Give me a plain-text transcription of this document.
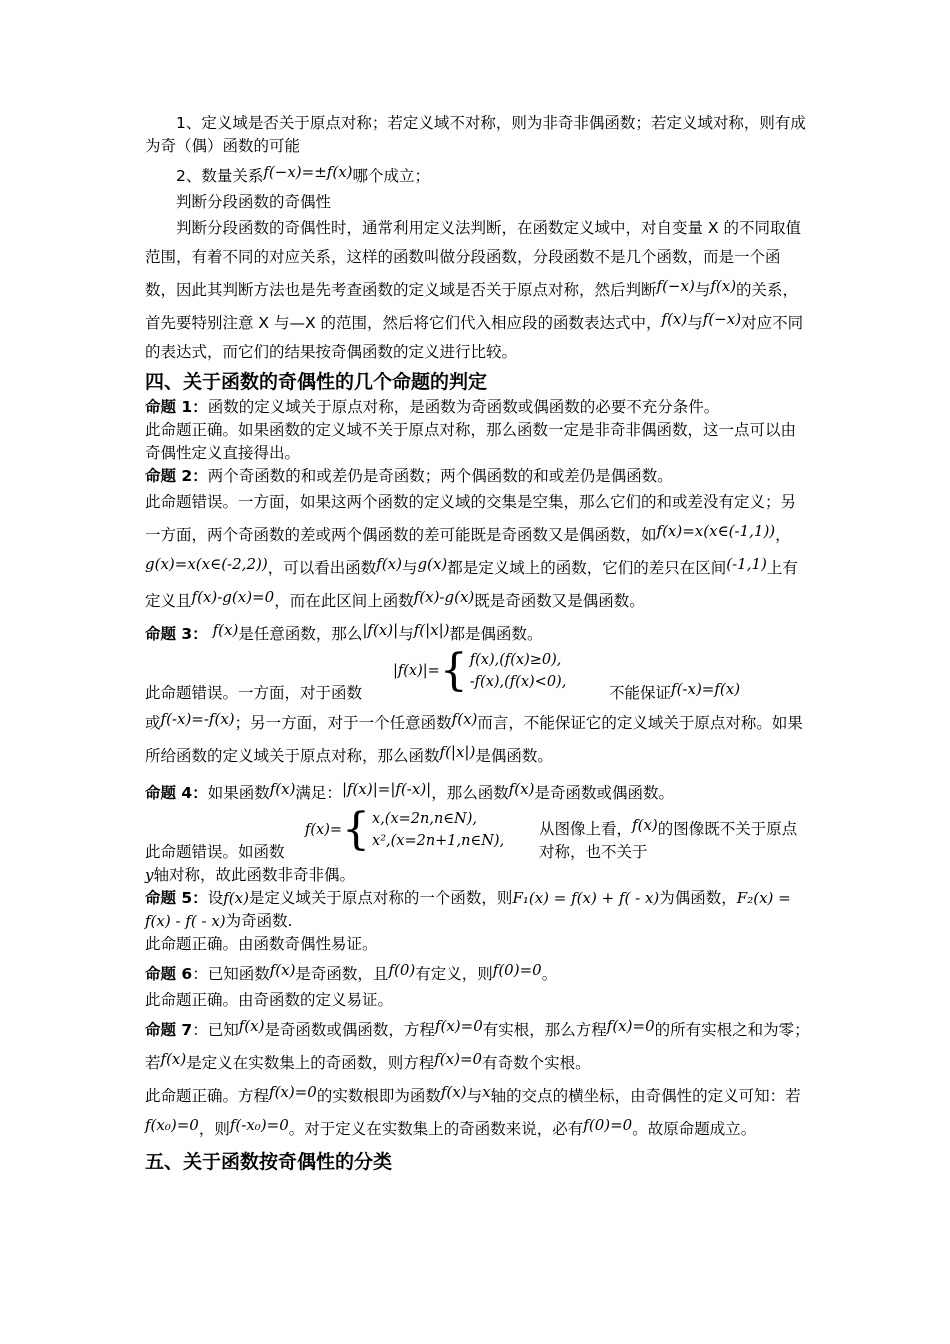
1、定义域是否关于原点对称；若定义域不对称，则为非奇非偶函数；若定义域对称，则有成为奇（偶）函数的可能

2、数量关系f(−x)=±f(x)哪个成立；

判断分段函数的奇偶性

判断分段函数的奇偶性时，通常利用定义法判断，在函数定义域中，对自变量 X 的不同取值范围，有着不同的对应关系，这样的函数叫做分段函数，分段函数不是几个函数，而是一个函数，因此其判断方法也是先考查函数的定义域是否关于原点对称，然后判断f(−x)与f(x)的关系，首先要特别注意 X 与—X 的范围，然后将它们代入相应段的函数表达式中，f(x)与f(−x)对应不同的表达式，而它们的结果按奇偶函数的定义进行比较。

四、关于函数的奇偶性的几个命题的判定

命题 1：函数的定义域关于原点对称，是函数为奇函数或偶函数的必要不充分条件。

此命题正确。如果函数的定义域不关于原点对称，那么函数一定是非奇非偶函数，这一点可以由奇偶性定义直接得出。

命题 2：两个奇函数的和或差仍是奇函数；两个偶函数的和或差仍是偶函数。

此命题错误。一方面，如果这两个函数的定义域的交集是空集，那么它们的和或差没有定义；另一方面，两个奇函数的差或两个偶函数的差可能既是奇函数又是偶函数，如f(x)=x(x∈(-1,1))，g(x)=x(x∈(-2,2))，可以看出函数f(x)与g(x)都是定义域上的函数，它们的差只在区间(-1,1)上有定义且f(x)-g(x)=0，而在此区间上函数f(x)-g(x)既是奇函数又是偶函数。

命题 3： f(x)是任意函数，那么|f(x)|与f(|x|)都是偶函数。

此命题错误。一方面，对于函数
|f(x)|=	{	f(x),(f(x)≥0),
-f(x),(f(x)<0),
不能保证f(-x)=f(x)

或f(-x)=-f(x)；另一方面，对于一个任意函数f(x)而言，不能保证它的定义域关于原点对称。如果所给函数的定义域关于原点对称，那么函数f(|x|)是偶函数。

命题 4：如果函数f(x)满足：|f(x)|=|f(-x)|，那么函数f(x)是奇函数或偶函数。

此命题错误。如函数
f(x)=	{	x,(x=2n,n∈N),
x²,(x=2n+1,n∈N),
从图像上看，f(x)的图像既不关于原点对称，也不关于

y轴对称，故此函数非奇非偶。

命题 5：设f(x)是定义域关于原点对称的一个函数，则F₁(x) = f(x) + f( - x)为偶函数，F₂(x) = f(x) - f( - x)为奇函数.

此命题正确。由函数奇偶性易证。

命题 6：已知函数f(x)是奇函数，且f(0)有定义，则f(0)=0。

此命题正确。由奇函数的定义易证。

命题 7：已知f(x)是奇函数或偶函数，方程f(x)=0有实根，那么方程f(x)=0的所有实根之和为零；若f(x)是定义在实数集上的奇函数，则方程f(x)=0有奇数个实根。

此命题正确。方程f(x)=0的实数根即为函数f(x)与x轴的交点的横坐标，由奇偶性的定义可知：若f(x₀)=0，则f(-x₀)=0。对于定义在实数集上的奇函数来说，必有f(0)=0。故原命题成立。

五、关于函数按奇偶性的分类
